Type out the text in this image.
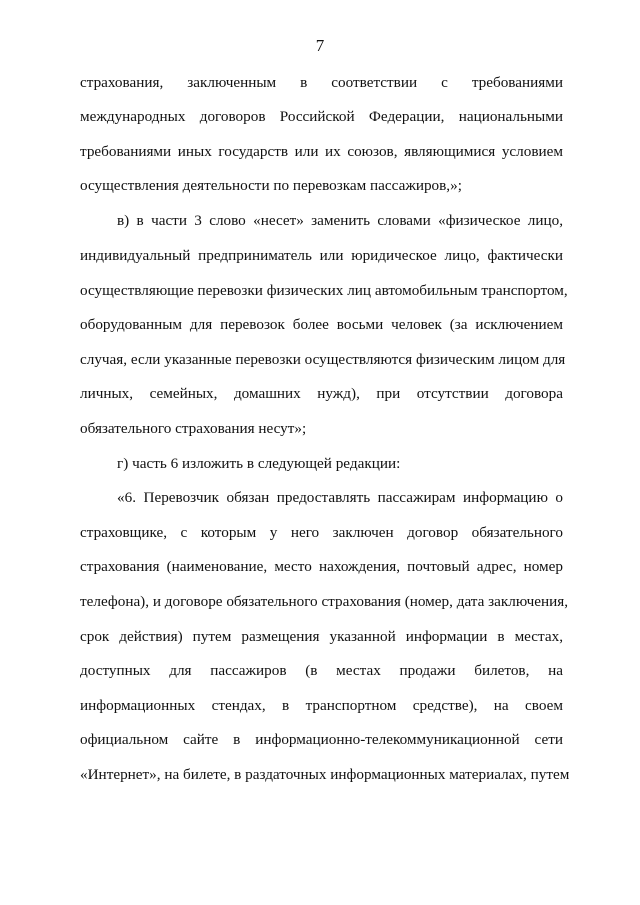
7
страхования, заключенным в соответствии с требованиями
международных договоров Российской Федерации, национальными
требованиями иных государств или их союзов, являющимися условием
осуществления деятельности по перевозкам пассажиров,»;
в) в части 3 слово «несет» заменить словами «физическое лицо,
индивидуальный предприниматель или юридическое лицо, фактически
осуществляющие перевозки физических лиц автомобильным транспортом,
оборудованным для перевозок более восьми человек (за исключением
случая, если указанные перевозки осуществляются физическим лицом для
личных, семейных, домашних нужд), при отсутствии договора
обязательного страхования несут»;
г) часть 6 изложить в следующей редакции:
«6. Перевозчик обязан предоставлять пассажирам информацию о
страховщике, с которым у него заключен договор обязательного
страхования (наименование, место нахождения, почтовый адрес, номер
телефона), и договоре обязательного страхования (номер, дата заключения,
срок действия) путем размещения указанной информации в местах,
доступных для пассажиров (в местах продажи билетов, на
информационных стендах, в транспортном средстве), на своем
официальном сайте в информационно-телекоммуникационной сети
«Интернет», на билете, в раздаточных информационных материалах, путем
